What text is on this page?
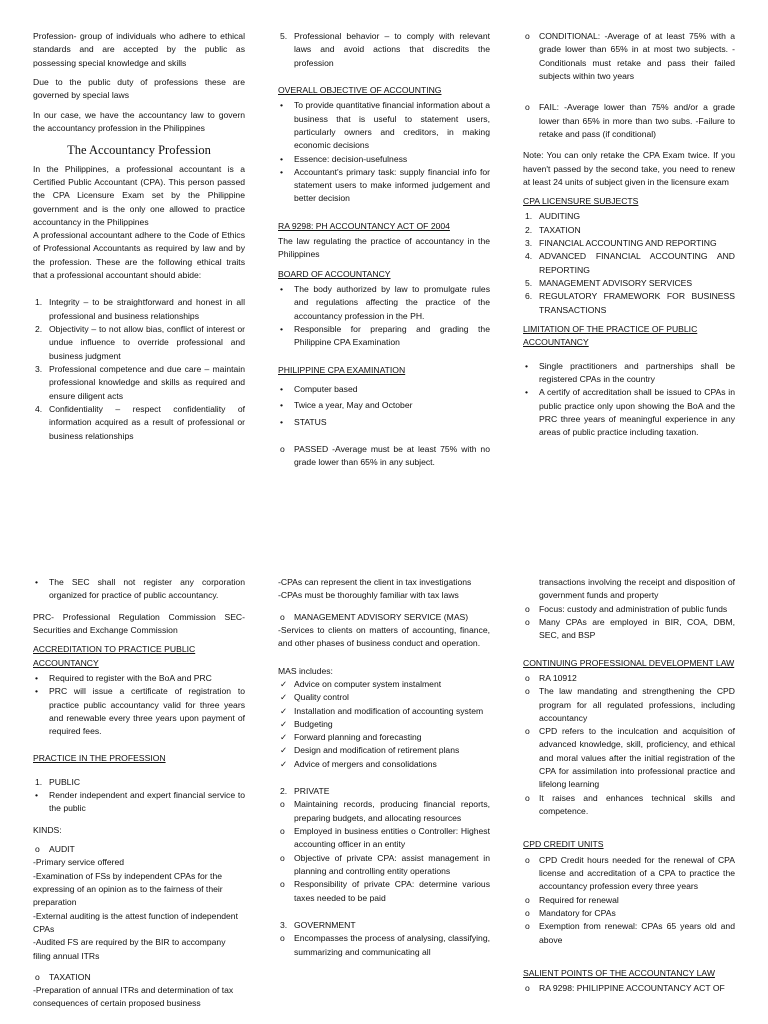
Profession- group of individuals who adhere to ethical standards and are accepted by the public as possessing special knowledge and skills

Due to the public duty of professions these are governed by special laws

In our case, we have the accountancy law to govern the accountancy profession in the Philippines

The Accountancy Profession

In the Philippines, a professional accountant is a Certified Public Accountant (CPA). This person passed the CPA Licensure Exam set by the Philippine government and is the only one allowed to practice accountancy in the Philippines

A professional accountant adhere to the Code of Ethics of Professional Accountants as required by law and by the profession. These are the following ethical traits that a professional accountant should abide:

1. Integrity – to be straightforward and honest in all professional and business relationships
2. Objectivity – to not allow bias, conflict of interest or undue influence to override professional and business judgment
3. Professional competence and due care – maintain professional knowledge and skills as required and ensure diligent acts
4. Confidentiality – respect confidentiality of information acquired as a result of professional or business relationships
5. Professional behavior – to comply with relevant laws and avoid actions that discredits the profession
OVERALL OBJECTIVE OF ACCOUNTING
• To provide quantitative financial information about a business that is useful to statement users, particularly owners and creditors, in making economic decisions
• Essence: decision-usefulness
• Accountant's primary task: supply financial info for statement users to make informed judgement and better decision
RA 9298: PH ACCOUNTANCY ACT OF 2004

The law regulating the practice of accountancy in the Philippines

BOARD OF ACCOUNTANCY
• The body authorized by law to promulgate rules and regulations affecting the practice of the accountancy profession in the PH.
• Responsible for preparing and grading the Philippine CPA Examination
PHILIPPINE CPA EXAMINATION
• Computer based
• Twice a year, May and October
• STATUS
o PASSED -Average must be at least 75% with no grade lower than 65% in any subject.
o CONDITIONAL: -Average of at least 75% with a grade lower than 65% in at most two subjects. -Conditionals must retake and pass their failed subjects within two years
o FAIL: -Average lower than 75% and/or a grade lower than 65% in more than two subs. -Failure to retake and pass (if conditional)

Note: You can only retake the CPA Exam twice. If you haven't passed by the second take, you need to renew at least 24 units of subject given in the licensure exam

CPA LICENSURE SUBJECTS
1. AUDITING
2. TAXATION
3. FINANCIAL ACCOUNTING AND REPORTING
4. ADVANCED FINANCIAL ACCOUNTING AND REPORTING
5. MANAGEMENT ADVISORY SERVICES
6. REGULATORY FRAMEWORK FOR BUSINESS TRANSACTIONS
LIMITATION OF THE PRACTICE OF PUBLIC ACCOUNTANCY
• Single practitioners and partnerships shall be registered CPAs in the country
• A certify of accreditation shall be issued to CPAs in public practice only upon showing the BoA and the PRC three years of meaningful experience in any areas of public practice including taxation.
• The SEC shall not register any corporation organized for practice of public accountancy.

PRC- Professional Regulation Commission SEC- Securities and Exchange Commission

ACCREDITATION TO PRACTICE PUBLIC ACCOUNTANCY
• Required to register with the BoA and PRC
• PRC will issue a certificate of registration to practice public accountancy valid for three years and renewable every three years upon payment of required fees.
PRACTICE IN THE PROFESSION
1. PUBLIC
• Render independent and expert financial service to the public

KINDS:

o AUDIT
-Primary service offered
-Examination of FSs by independent CPAs for the expressing of an opinion as to the fairness of their preparation
-External auditing is the attest function of independent CPAs
-Audited FS are required by the BIR to accompany filing annual ITRs
o TAXATION
-Preparation of annual ITRs and determination of tax consequences of certain proposed business
-CPAs can represent the client in tax investigations
-CPAs must be thoroughly familiar with tax laws
o MANAGEMENT ADVISORY SERVICE (MAS)

-Services to clients on matters of accounting, finance, and other phases of business conduct and operation.

MAS includes:

✓ Advice on computer system instalment
✓ Quality control
✓ Installation and modification of accounting system
✓ Budgeting
✓ Forward planning and forecasting
✓ Design and modification of retirement plans
✓ Advice of mergers and consolidations
2. PRIVATE
o Maintaining records, producing financial reports, preparing budgets, and allocating resources
o Employed in business entities o Controller: Highest accounting officer in an entity
o Objective of private CPA: assist management in planning and controlling entity operations
o Responsibility of private CPA: determine various taxes needed to be paid
3. GOVERNMENT
o Encompasses the process of analysing, classifying, summarizing and communicating all

transactions involving the receipt and disposition of government funds and property

o Focus: custody and administration of public funds
o Many CPAs are employed in BIR, COA, DBM, SEC, and BSP
CONTINUING PROFESSIONAL DEVELOPMENT LAW
o RA 10912
o The law mandating and strengthening the CPD program for all regulated professions, including accountancy
o CPD refers to the inculcation and acquisition of advanced knowledge, skill, proficiency, and ethical and moral values after the initial registration of the CPA for assimilation into professional practice and lifelong learning
o It raises and enhances technical skills and competence.
CPD CREDIT UNITS
o CPD Credit hours needed for the renewal of CPA license and accreditation of a CPA to practice the accountancy profession every three years
o Required for renewal
o Mandatory for CPAs
o Exemption from renewal: CPAs 65 years old and above
SALIENT POINTS OF THE ACCOUNTANCY LAW
o RA 9298: PHILIPPINE ACCOUNTANCY ACT OF
